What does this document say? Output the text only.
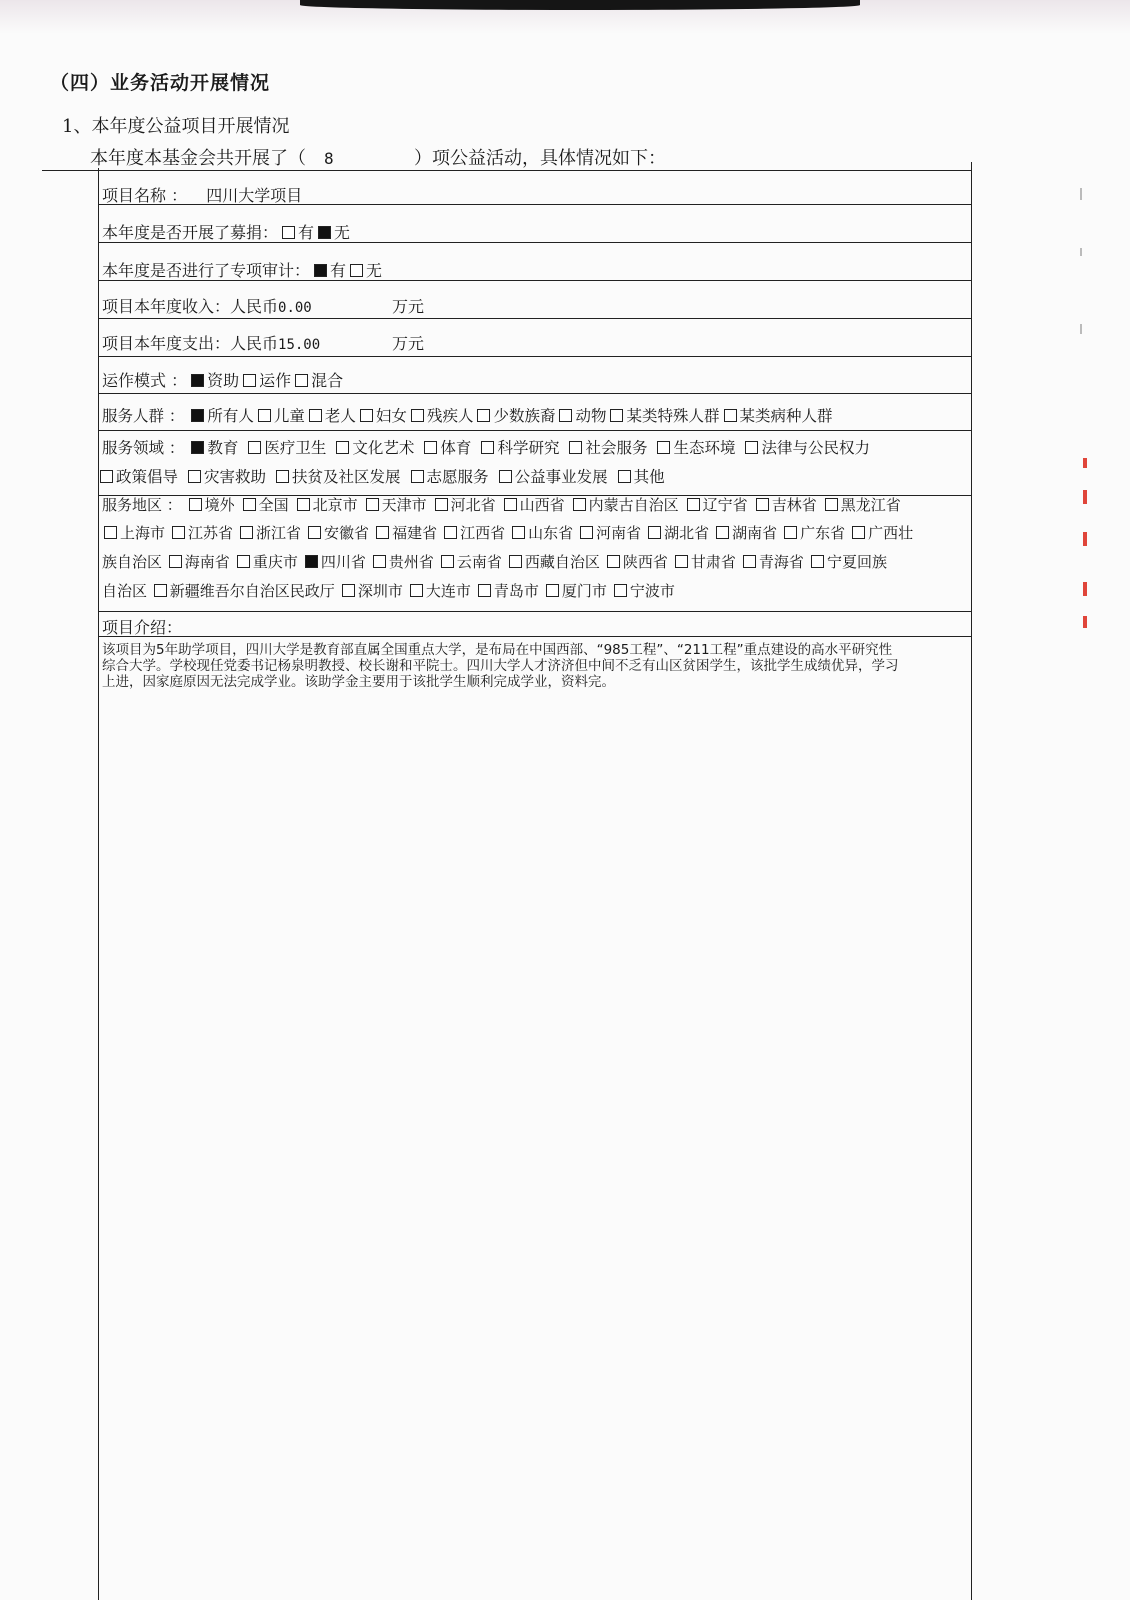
（四）业务活动开展情况
1、本年度公益项目开展情况
本年度本基金会共开展了（ 8	）项公益活动，具体情况如下：
项目名称 ： 四川大学项目
本年度是否开展了募捐： 有 无
本年度是否进行了专项审计： 有 无
项目本年度收入：人民币0.00	万元
项目本年度支出：人民币15.00	万元
运作模式 ： 资助 运作 混合
服务人群 ： 所有人 儿童 老人 妇女 残疾人 少数族裔 动物 某类特殊人群 某类病种人群
服务领域 ： 教育 医疗卫生 文化艺术 体育 科学研究 社会服务 生态环境 法律与公民权力
政策倡导 灾害救助 扶贫及社区发展 志愿服务 公益事业发展 其他
服务地区 ： 境外 全国 北京市 天津市 河北省 山西省 内蒙古自治区 辽宁省 吉林省 黑龙江省
上海市 江苏省 浙江省 安徽省 福建省 江西省 山东省 河南省 湖北省 湖南省 广东省 广西壮
族自治区 海南省 重庆市 四川省 贵州省 云南省 西藏自治区 陕西省 甘肃省 青海省 宁夏回族
自治区 新疆维吾尔自治区民政厅 深圳市 大连市 青岛市 厦门市 宁波市
项目介绍：
该项目为5年助学项目，四川大学是教育部直属全国重点大学，是布局在中国西部、“985工程”、“211工程”重点建设的高水平研究性综合大学。学校现任党委书记杨泉明教授、校长谢和平院士。四川大学人才济济但中间不乏有山区贫困学生，该批学生成绩优异，学习上进，因家庭原因无法完成学业。该助学金主要用于该批学生顺利完成学业，资料完。
